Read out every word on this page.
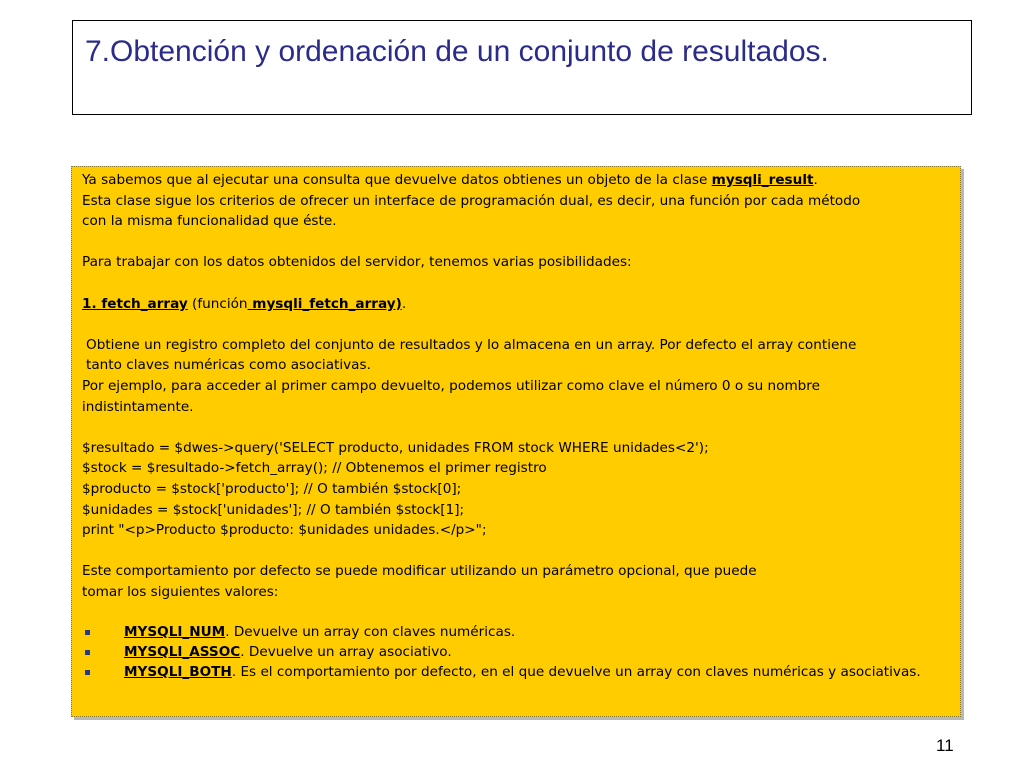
7.Obtención y ordenación de un conjunto de resultados.
Ya sabemos que al ejecutar una consulta que devuelve datos obtienes un objeto de la clase mysqli_result.
Esta clase sigue los criterios de ofrecer un interface de programación dual, es decir, una función por cada método
con la misma funcionalidad que éste.
Para trabajar con los datos obtenidos del servidor, tenemos varias posibilidades:
1. fetch_array (función mysqli_fetch_array).
Obtiene un registro completo del conjunto de resultados y lo almacena en un array. Por defecto el array contiene
tanto claves numéricas como asociativas.
Por ejemplo, para acceder al primer campo devuelto, podemos utilizar como clave el número 0 o su nombre
indistintamente.
$resultado = $dwes->query('SELECT producto, unidades FROM stock WHERE unidades<2');
$stock = $resultado->fetch_array(); // Obtenemos el primer registro
$producto = $stock['producto']; // O también $stock[0];
$unidades = $stock['unidades']; // O también $stock[1];
print "<p>Producto $producto: $unidades unidades.</p>";
Este comportamiento por defecto se puede modificar utilizando un parámetro opcional, que puede
tomar los siguientes valores:
MYSQLI_NUM. Devuelve un array con claves numéricas.
MYSQLI_ASSOC. Devuelve un array asociativo.
MYSQLI_BOTH. Es el comportamiento por defecto, en el que devuelve un array con claves numéricas y asociativas.
11
